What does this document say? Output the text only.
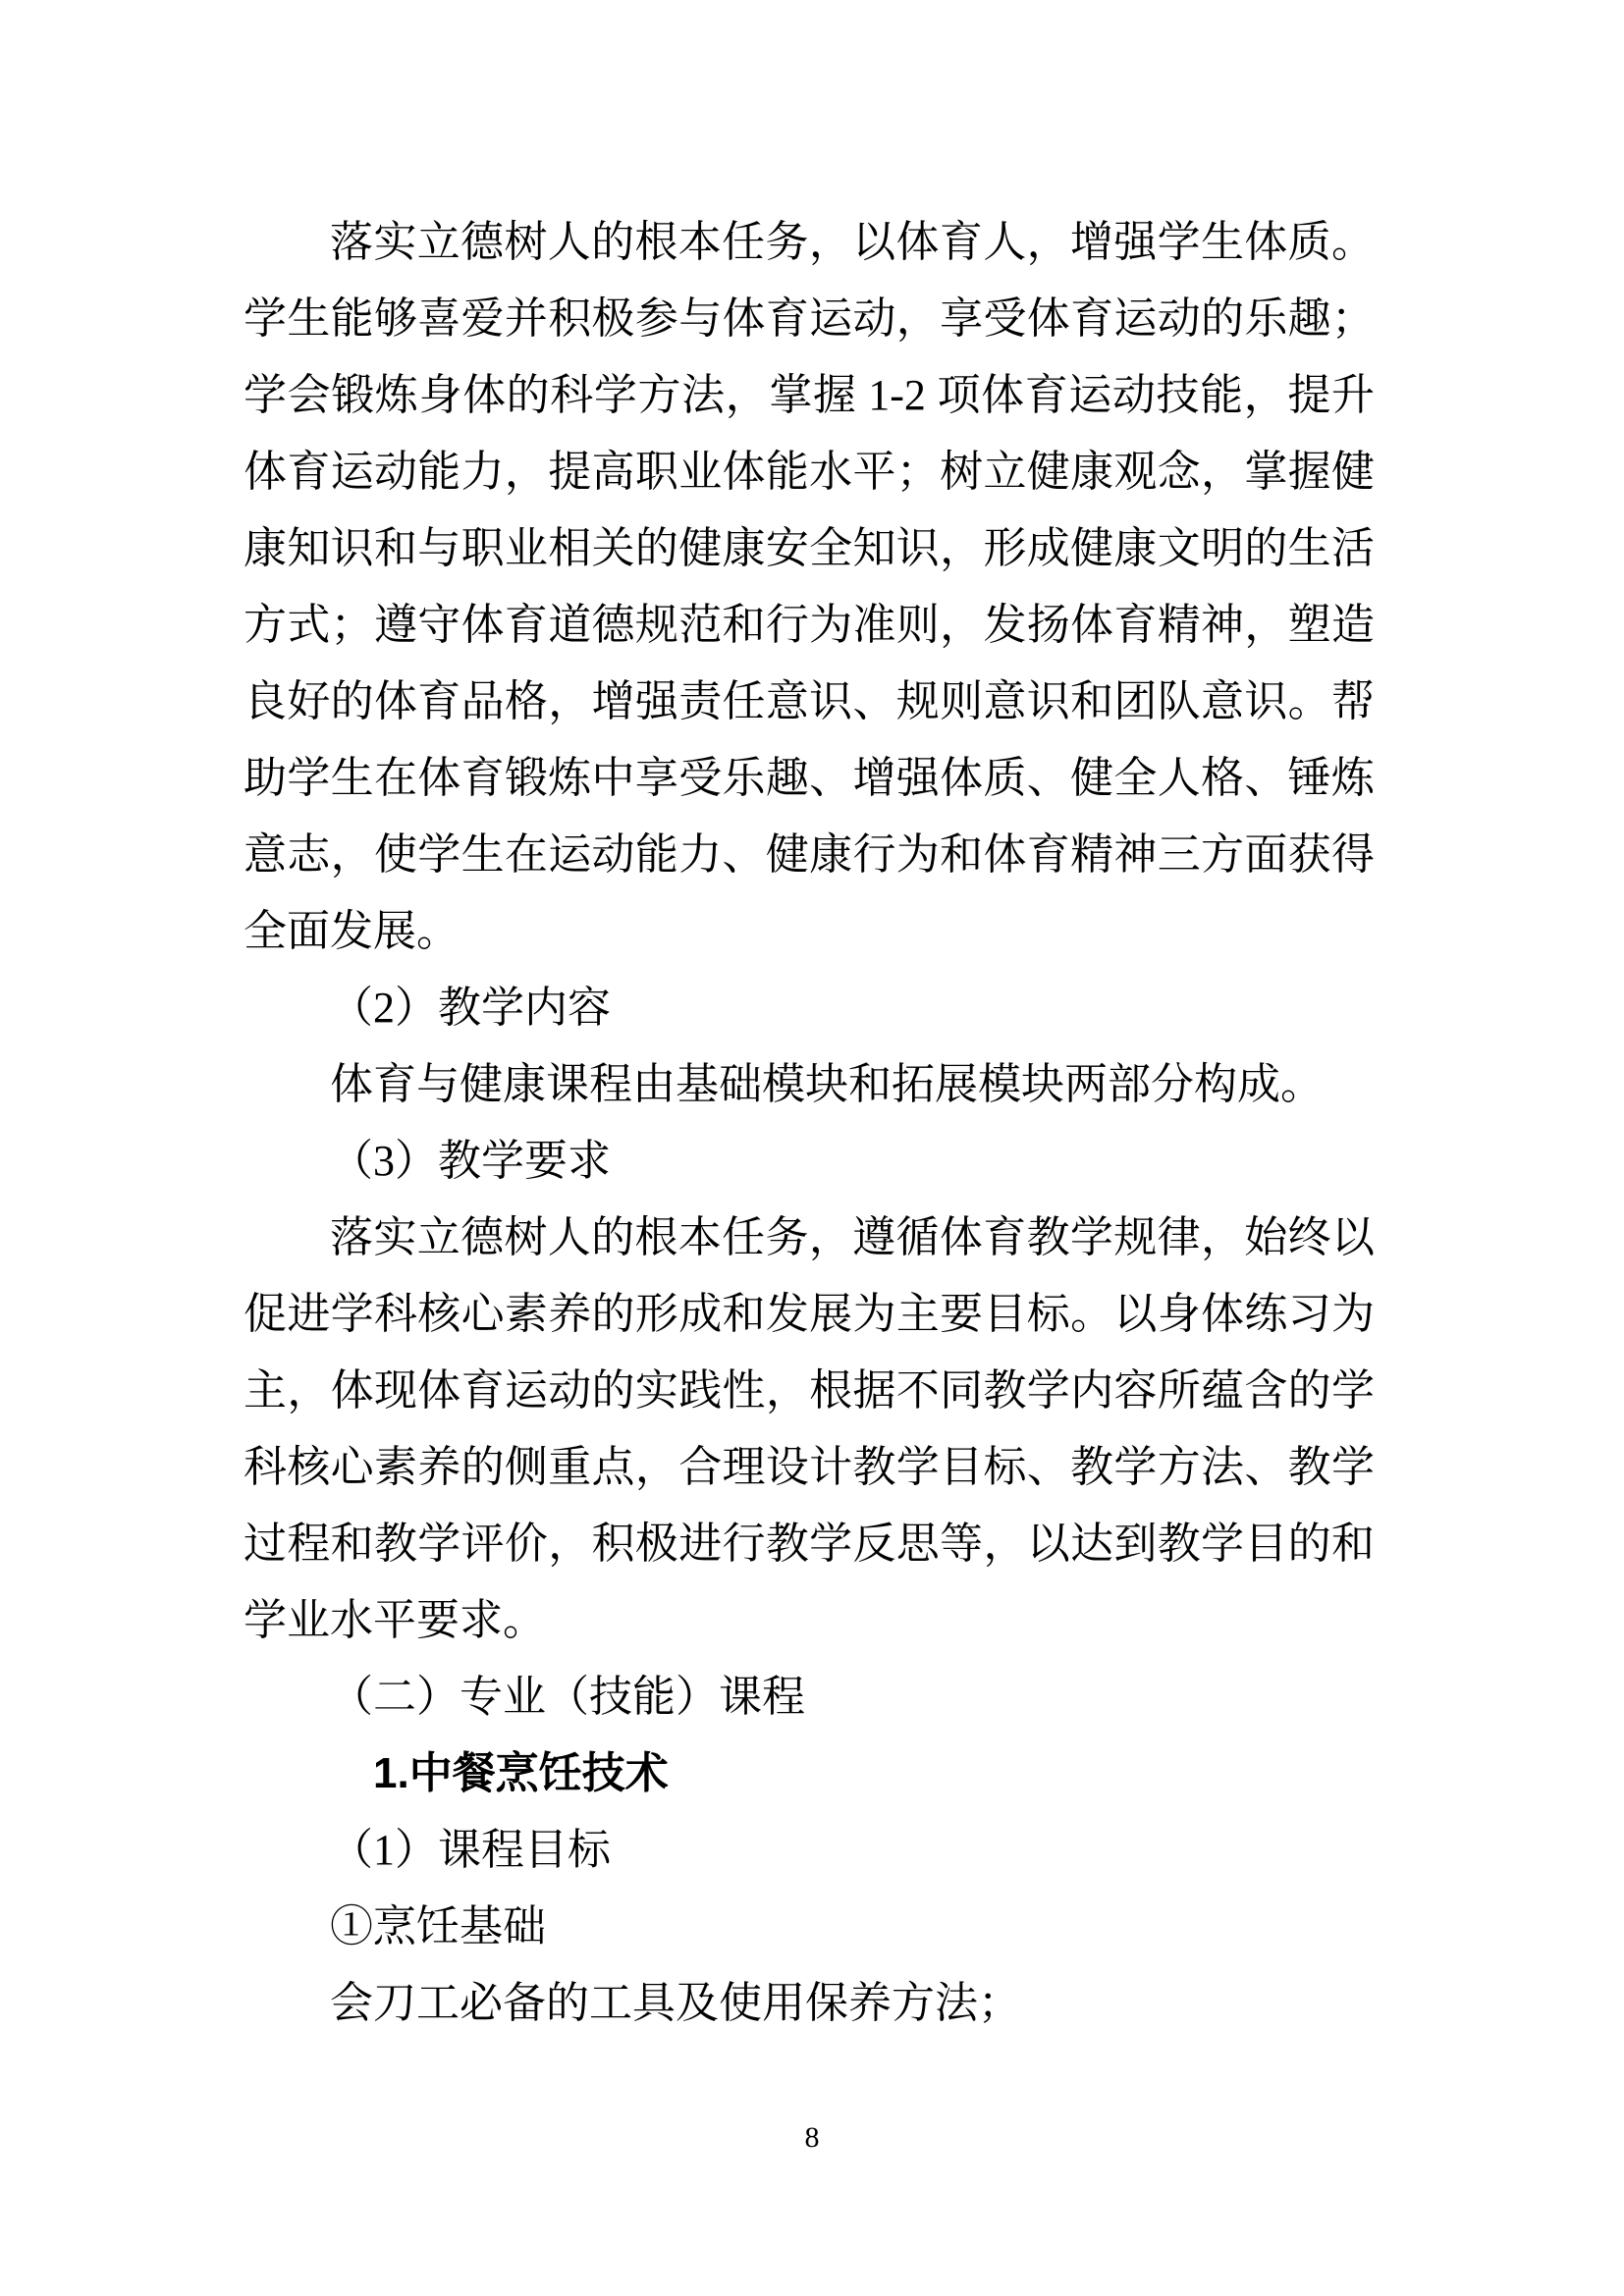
落实立德树人的根本任务，以体育人，增强学生体质。学生能够喜爱并积极参与体育运动，享受体育运动的乐趣；学会锻炼身体的科学方法，掌握 1-2 项体育运动技能，提升体育运动能力，提高职业体能水平；树立健康观念，掌握健康知识和与职业相关的健康安全知识，形成健康文明的生活方式；遵守体育道德规范和行为准则，发扬体育精神，塑造良好的体育品格，增强责任意识、规则意识和团队意识。帮助学生在体育锻炼中享受乐趣、增强体质、健全人格、锤炼意志，使学生在运动能力、健康行为和体育精神三方面获得全面发展。

（2）教学内容

体育与健康课程由基础模块和拓展模块两部分构成。

（3）教学要求

落实立德树人的根本任务，遵循体育教学规律，始终以促进学科核心素养的形成和发展为主要目标。以身体练习为主，体现体育运动的实践性，根据不同教学内容所蕴含的学科核心素养的侧重点，合理设计教学目标、教学方法、教学过程和教学评价，积极进行教学反思等，以达到教学目的和学业水平要求。

（二）专业（技能）课程

1.中餐烹饪技术

（1）课程目标

①烹饪基础

会刀工必备的工具及使用保养方法；

8
